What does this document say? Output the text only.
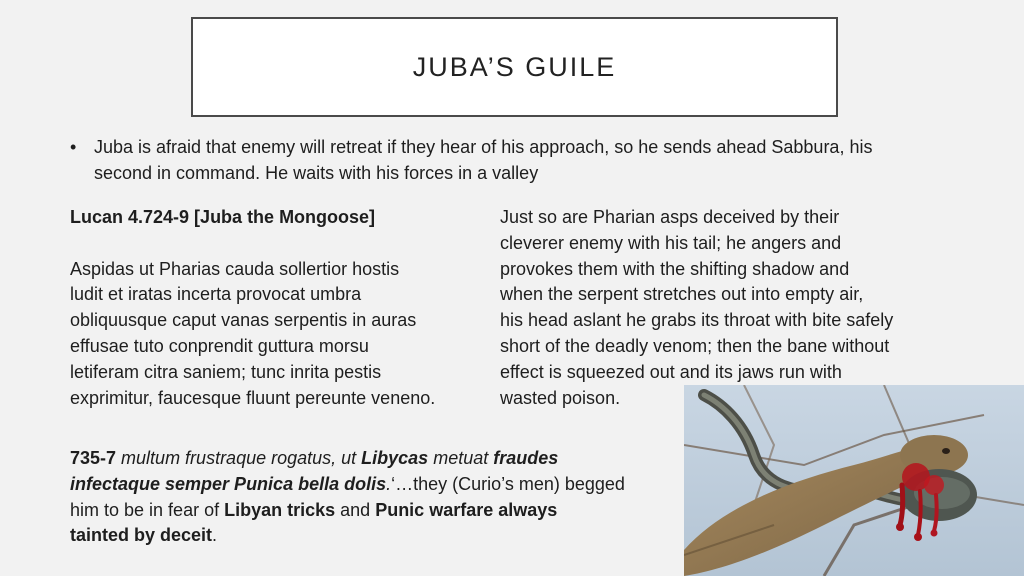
JUBA’S GUILE
• Juba is afraid that enemy will retreat if they hear of his approach, so he sends ahead Sabbura, his
second in command. He waits with his forces in a valley
Lucan 4.724-9 [Juba the Mongoose]
Aspidas ut Pharias cauda sollertior hostis
ludit et iratas incerta provocat umbra
obliquusque caput vanas serpentis in auras
effusae tuto conprendit guttura morsu
letiferam citra saniem; tunc inrita pestis
exprimitur, faucesque fluunt pereunte veneno.
Just so are Pharian asps deceived by their
cleverer enemy with his tail; he angers and
provokes them with the shifting shadow and
when the serpent stretches out into empty air,
his head aslant he grabs its throat with bite safely
short of the deadly venom; then the bane without
effect is squeezed out and its jaws run with
wasted poison.
735-7 multum frustraque rogatus, ut Libycas metuat fraudes
infectaque semper Punica bella dolis.‘…they (Curio’s men) begged
him to be in fear of Libyan tricks and Punic warfare always
tainted by deceit.
